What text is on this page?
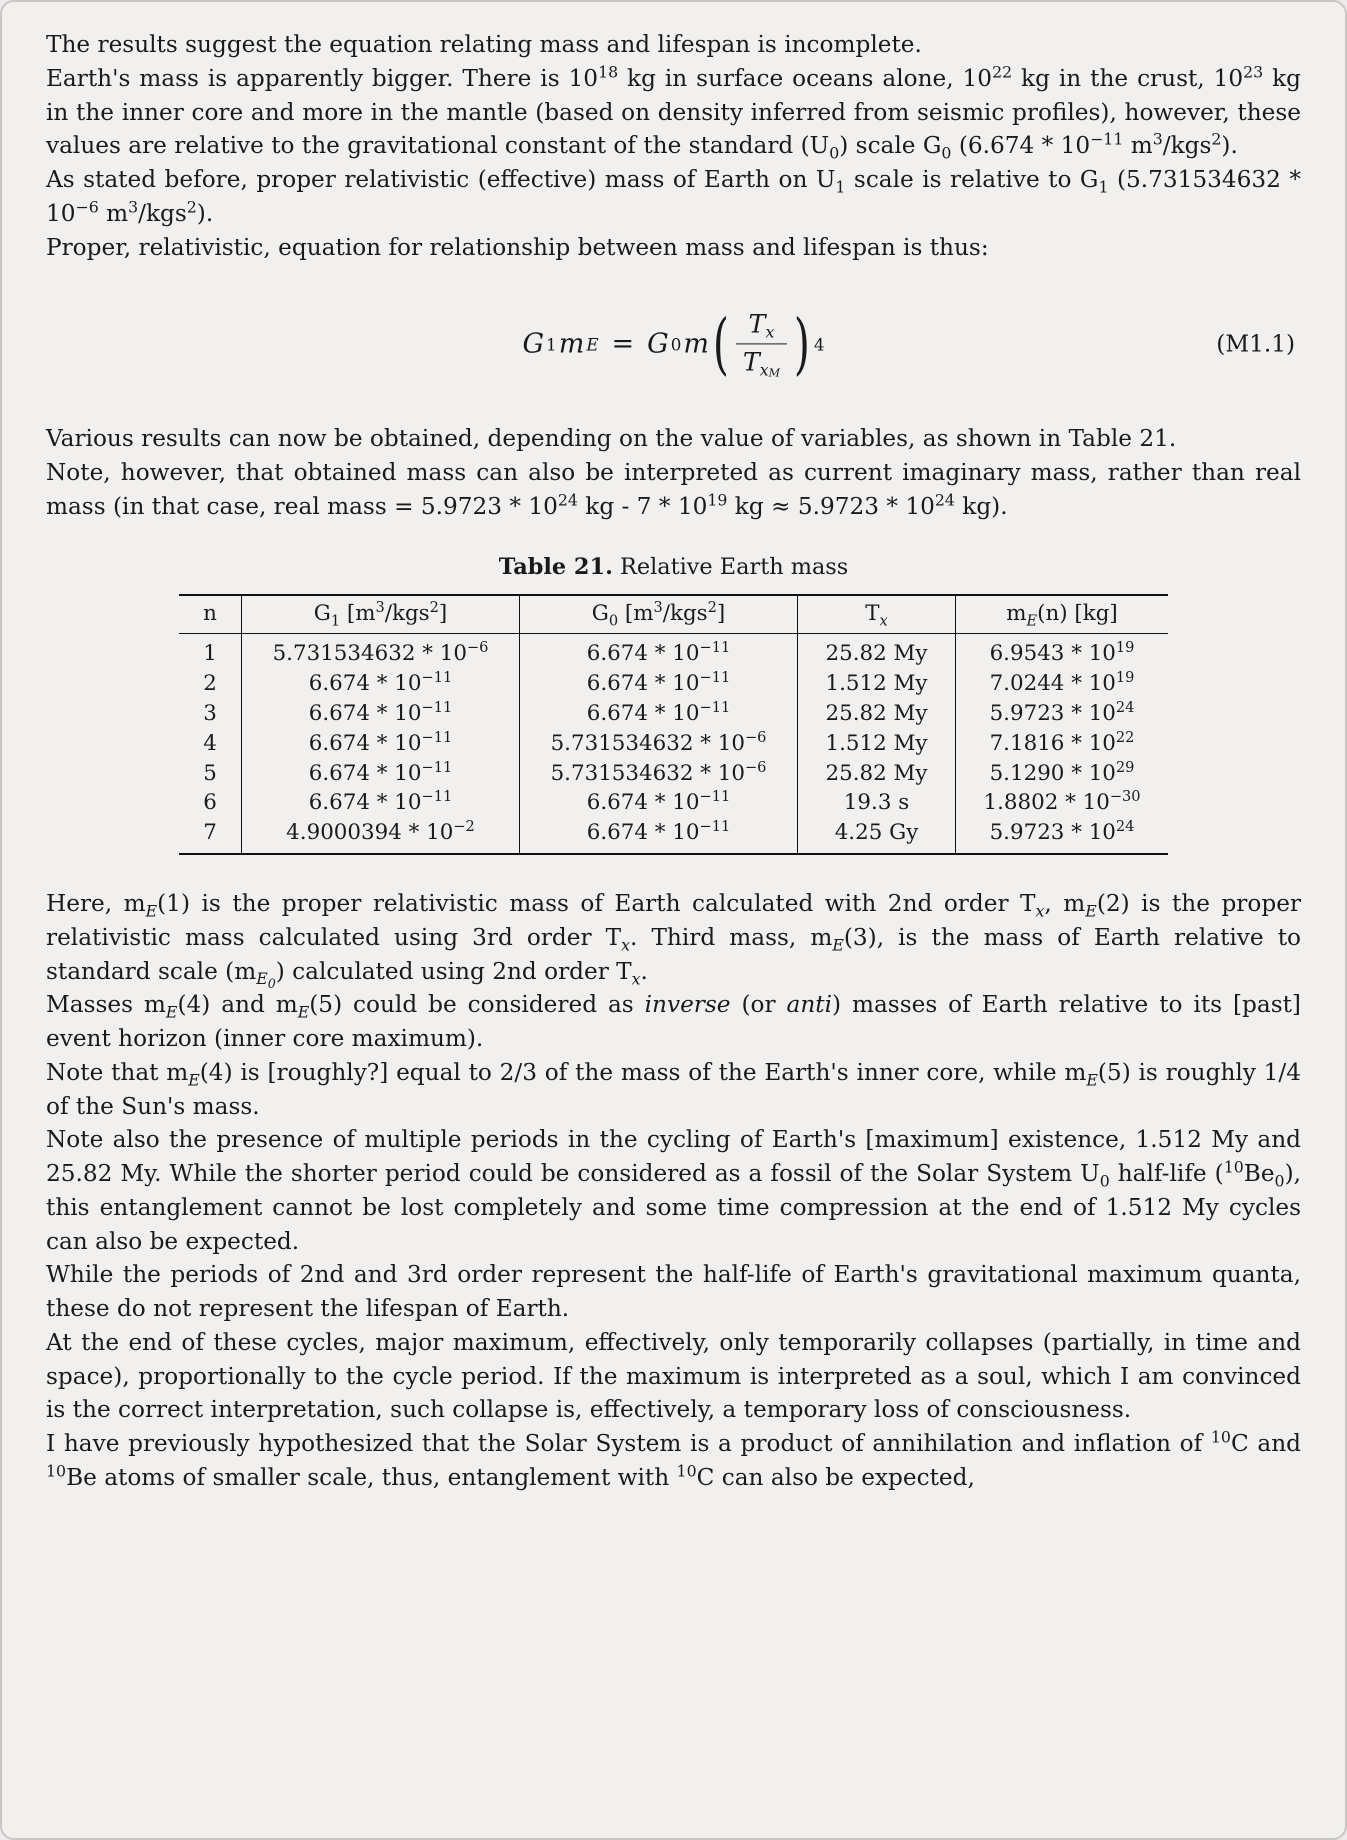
The results suggest the equation relating mass and lifespan is incomplete.

Earth's mass is apparently bigger. There is $10^{18}$ kg in surface oceans alone, $10^{22}$ kg in the crust, $10^{23}$ kg in the inner core and more in the mantle (based on density inferred from seismic profiles), however, these values are relative to the gravitational constant of the standard $(U_0)$ scale $G_0$ ($6.674 * 10^{-11}$ $m^3/kgs^2$).

As stated before, proper relativistic (effective) mass of Earth on $U_1$ scale is relative to $G_1$ ($5.731534632 * 10^{-6}$ $m^3/kgs^2$).

Proper, relativistic, equation for relationship between mass and lifespan is thus:

G 1 m E = G 0 m ( $\frac{Tx}{Tx_M}$ ) 4	(M1.1)

Various results can now be obtained, depending on the value of variables, as shown in Table 21.

Note, however, that obtained mass can also be interpreted as current imaginary mass, rather than real mass (in that case, real mass = $5.9723 * 10^{24}$ kg - $7 * 10^{19}$ kg ≈ $5.9723 * 10^{24}$ kg).

Table 21. Relative Earth mass
n	$G_1$ $[m^3/kgs^2]$	$G_0$ $[m^3/kgs^2]$	$T_x$	$m_E(n)$ [kg]
1	$5.731534632 * 10^{-6}$	$6.674 * 10^{-11}$	25.82 My	$6.9543 * 10^{19}$
2	$6.674 * 10^{-11}$	$6.674 * 10^{-11}$	1.512 My	$7.0244 * 10^{19}$
3	$6.674 * 10^{-11}$	$6.674 * 10^{-11}$	25.82 My	$5.9723 * 10^{24}$
4	$6.674 * 10^{-11}$	$5.731534632 * 10^{-6}$	1.512 My	$7.1816 * 10^{22}$
5	$6.674 * 10^{-11}$	$5.731534632 * 10^{-6}$	25.82 My	$5.1290 * 10^{29}$
6	$6.674 * 10^{-11}$	$6.674 * 10^{-11}$	19.3 s	$1.8802 * 10^{-30}$
7	$4.9000394 * 10^{-2}$	$6.674 * 10^{-11}$	4.25 Gy	$5.9723 * 10^{24}$

Here, $m_E(1)$ is the proper relativistic mass of Earth calculated with 2nd order $T_x$, $m_E(2)$ is the proper relativistic mass calculated using 3rd order $T_x$. Third mass, $m_E(3)$, is the mass of Earth relative to standard scale $(m_{E_0})$ calculated using 2nd order $T_x$.

Masses $m_E(4)$ and $m_E(5)$ could be considered as inverse (or anti) masses of Earth relative to its [past] event horizon (inner core maximum).

Note that $m_E(4)$ is [roughly?] equal to 2/3 of the mass of the Earth's inner core, while $m_E(5)$ is roughly 1/4 of the Sun's mass.

Note also the presence of multiple periods in the cycling of Earth's [maximum] existence, 1.512 My and 25.82 My. While the shorter period could be considered as a fossil of the Solar System $U_0$ half-life $(^{10}Be_0)$, this entanglement cannot be lost completely and some time compression at the end of 1.512 My cycles can also be expected.

While the periods of 2nd and 3rd order represent the half-life of Earth's gravitational maximum quanta, these do not represent the lifespan of Earth.

At the end of these cycles, major maximum, effectively, only temporarily collapses (partially, in time and space), proportionally to the cycle period. If the maximum is interpreted as a soul, which I am convinced is the correct interpretation, such collapse is, effectively, a temporary loss of consciousness.

I have previously hypothesized that the Solar System is a product of annihilation and inflation of $^{10}$C and $^{10}$Be atoms of smaller scale, thus, entanglement with $^{10}$C can also be expected,
